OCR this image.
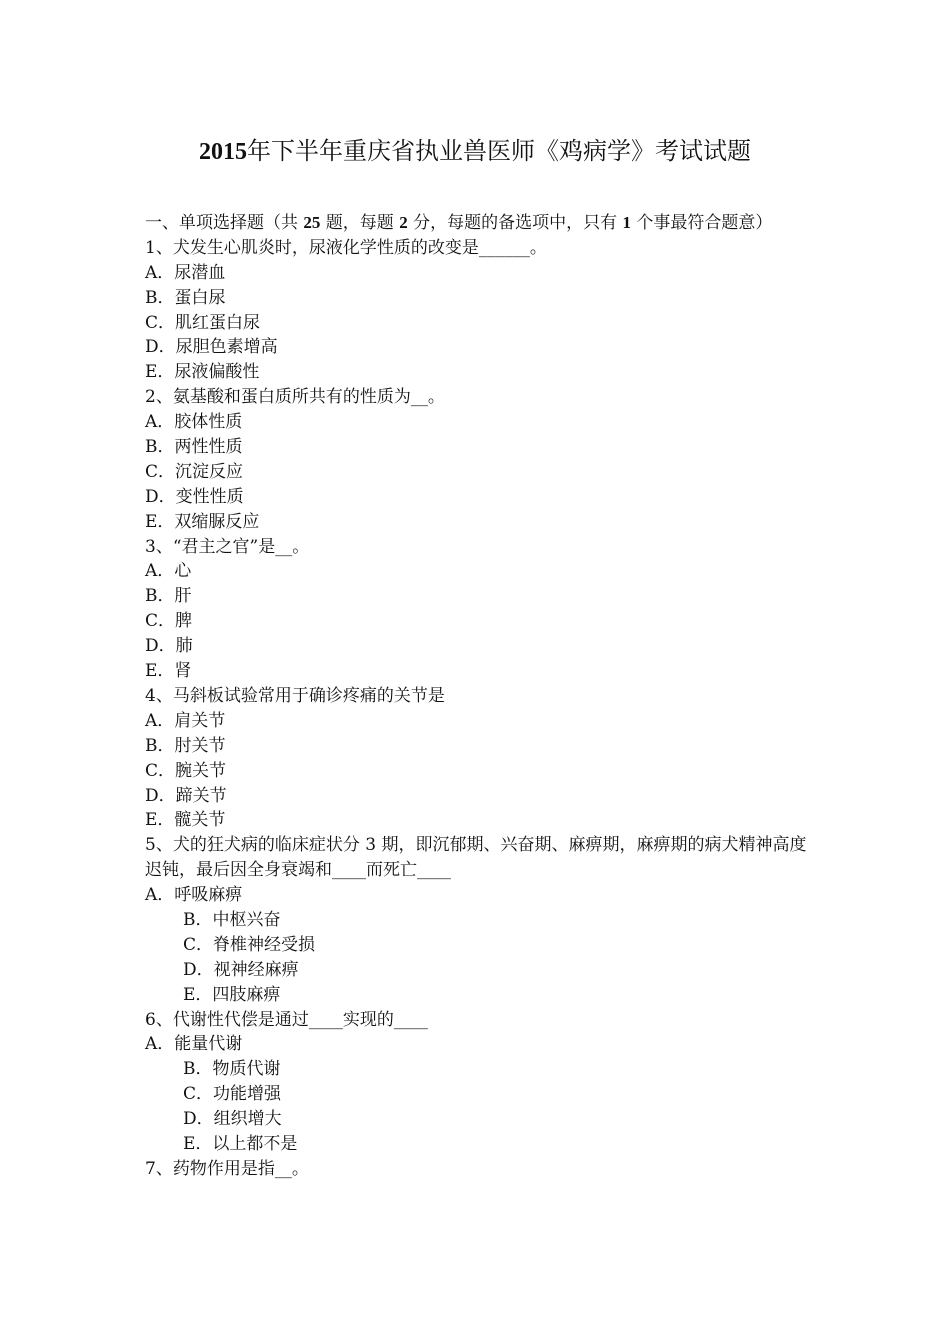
2015年下半年重庆省执业兽医师《鸡病学》考试试题
一、单项选择题（共 25 题，每题 2 分，每题的备选项中，只有 1 个事最符合题意）
1、犬发生心肌炎时，尿液化学性质的改变是______。
A．尿潜血
B．蛋白尿
C．肌红蛋白尿
D．尿胆色素增高
E．尿液偏酸性
2、氨基酸和蛋白质所共有的性质为__。
A．胶体性质
B．两性性质
C．沉淀反应
D．变性性质
E．双缩脲反应
3、“君主之官”是__。
A．心
B．肝
C．脾
D．肺
E．肾
4、马斜板试验常用于确诊疼痛的关节是
A．肩关节
B．肘关节
C．腕关节
D．蹄关节
E．髋关节
5、犬的狂犬病的临床症状分 3 期，即沉郁期、兴奋期、麻痹期，麻痹期的病犬精神高度迟钝，最后因全身衰竭和____而死亡____
A．呼吸麻痹
B．中枢兴奋
C．脊椎神经受损
D．视神经麻痹
E．四肢麻痹
6、代谢性代偿是通过____实现的____
A．能量代谢
B．物质代谢
C．功能增强
D．组织增大
E．以上都不是
7、药物作用是指__。
